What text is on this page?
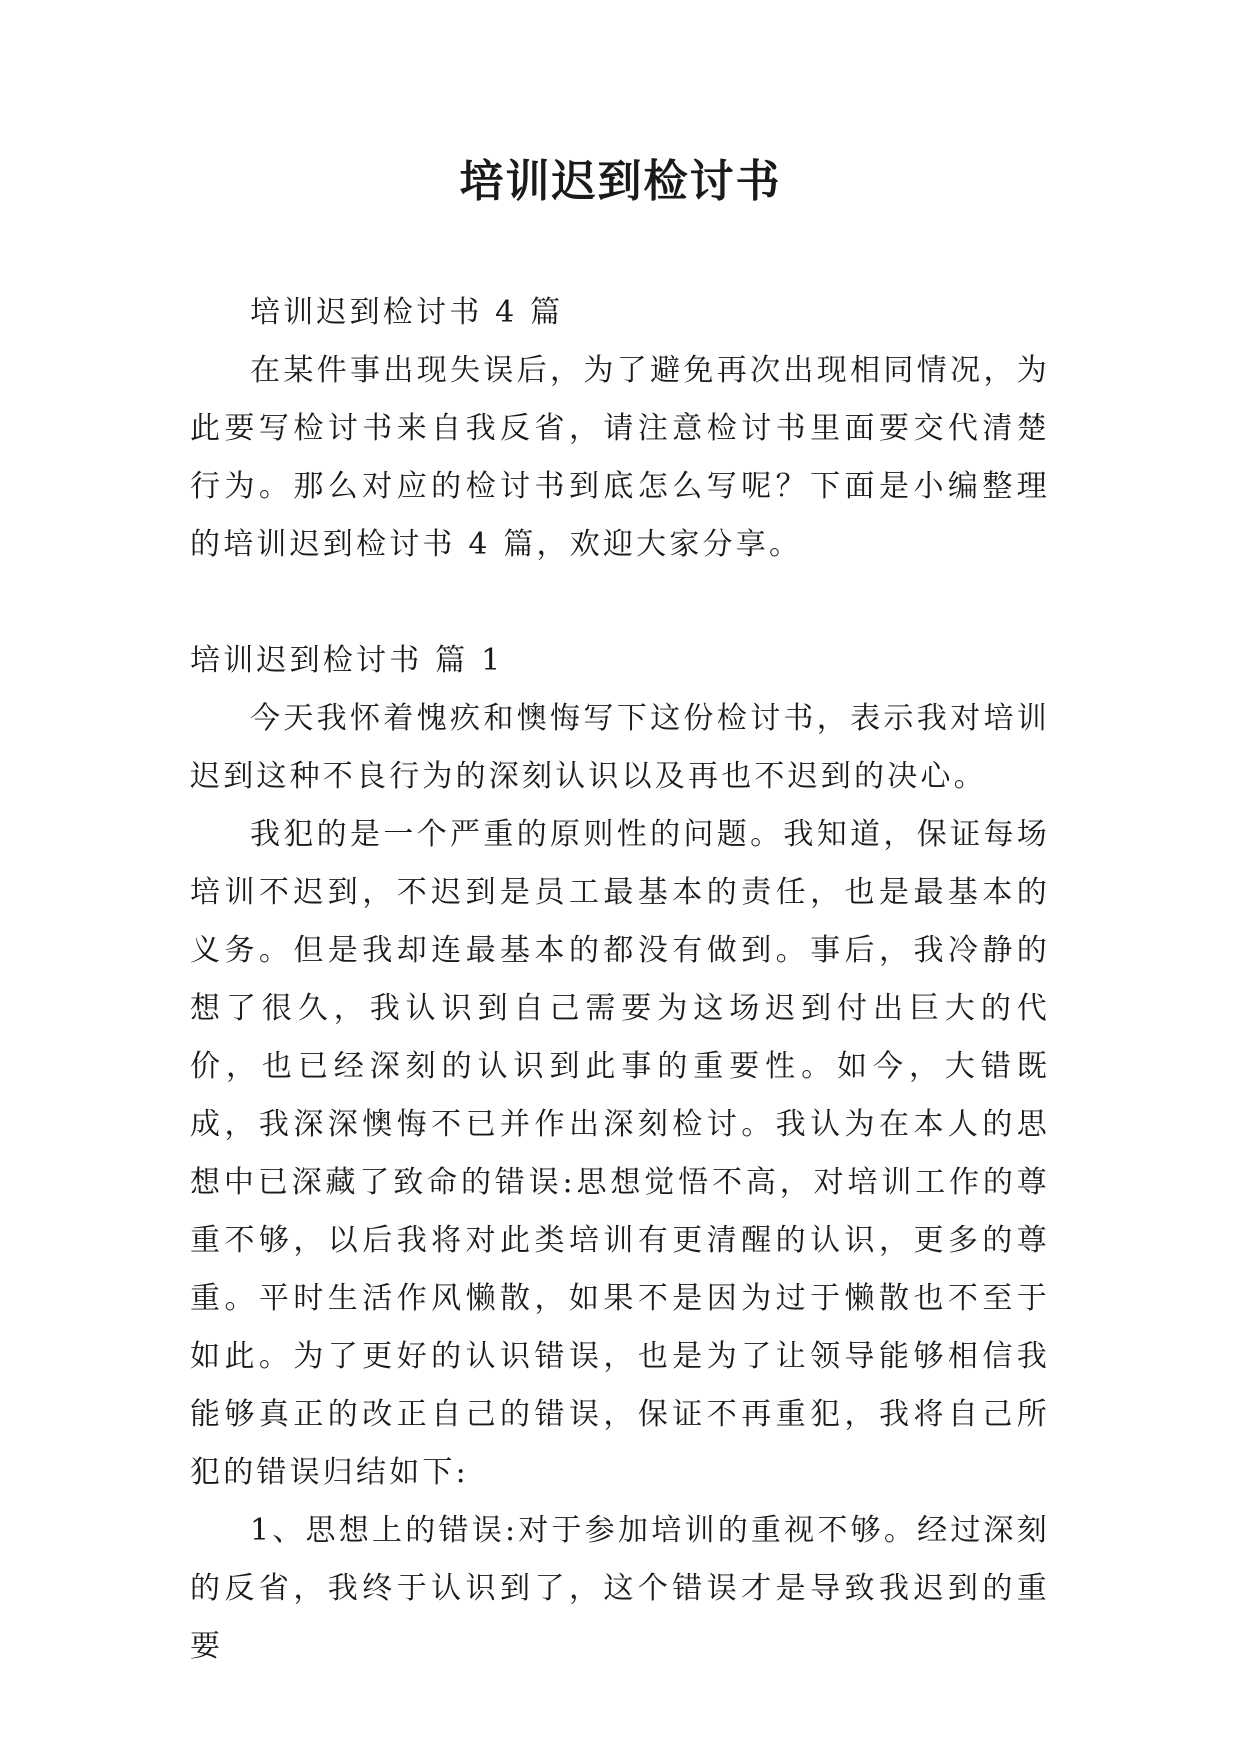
培训迟到检讨书

培训迟到检讨书 4 篇

在某件事出现失误后，为了避免再次出现相同情况，为此要写检讨书来自我反省，请注意检讨书里面要交代清楚行为。那么对应的检讨书到底怎么写呢？下面是小编整理的培训迟到检讨书 4 篇，欢迎大家分享。

培训迟到检讨书 篇 1

今天我怀着愧疚和懊悔写下这份检讨书，表示我对培训迟到这种不良行为的深刻认识以及再也不迟到的决心。

我犯的是一个严重的原则性的问题。我知道，保证每场培训不迟到，不迟到是员工最基本的责任，也是最基本的义务。但是我却连最基本的都没有做到。事后，我冷静的想了很久，我认识到自己需要为这场迟到付出巨大的代价，也已经深刻的认识到此事的重要性。如今，大错既成，我深深懊悔不已并作出深刻检讨。我认为在本人的思想中已深藏了致命的错误:思想觉悟不高，对培训工作的尊重不够，以后我将对此类培训有更清醒的认识，更多的尊重。平时生活作风懒散，如果不是因为过于懒散也不至于如此。为了更好的认识错误，也是为了让领导能够相信我能够真正的改正自己的错误，保证不再重犯，我将自己所犯的错误归结如下:

1、思想上的错误:对于参加培训的重视不够。经过深刻的反省，我终于认识到了，这个错误才是导致我迟到的重要
